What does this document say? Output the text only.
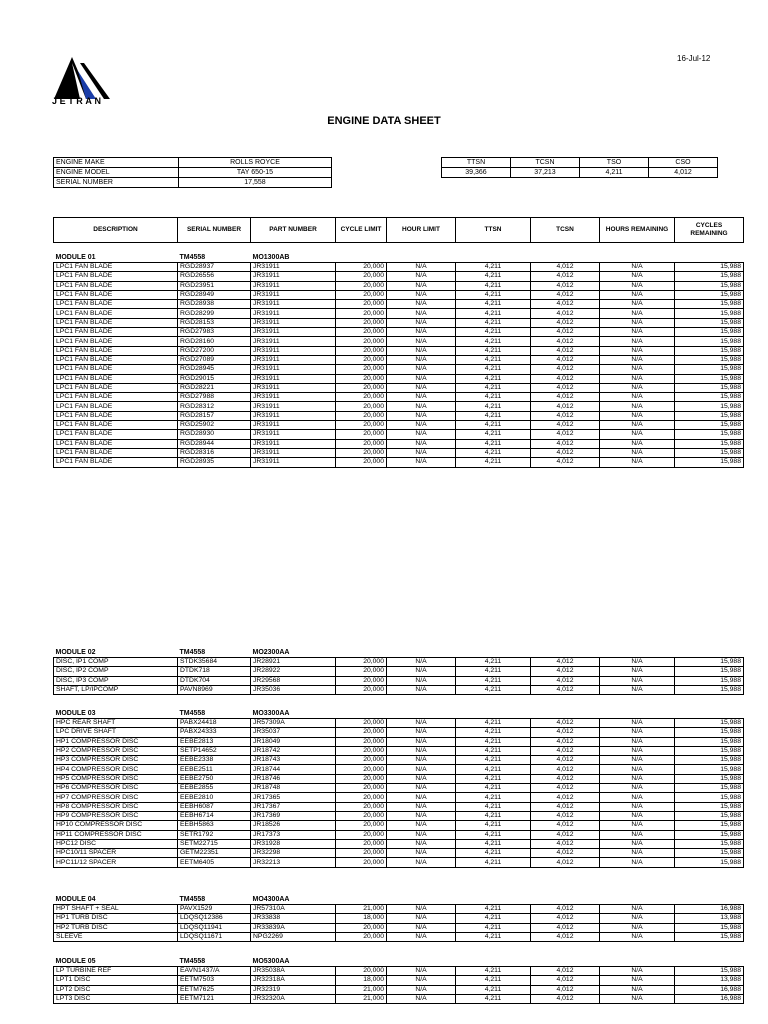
JETRAN
16-Jul-12
ENGINE DATA SHEET
ENGINE MAKE	ROLLS ROYCE
ENGINE MODEL	TAY 650-15
SERIAL NUMBER	17,558
TTSN	TCSN	TSO	CSO
39,366	37,213	4,211	4,012
DESCRIPTION	SERIAL NUMBER	PART NUMBER	CYCLE LIMIT	HOUR LIMIT	TTSN	TCSN	HOURS REMAINING	CYCLES REMAINING
MODULE 01	TM4558	MO1300AB						
LPC1 FAN BLADE	RGD28937	JR31911	20,000	N/A	4,211	4,012	N/A	15,988
LPC1 FAN BLADE	RGD26556	JR31911	20,000	N/A	4,211	4,012	N/A	15,988
LPC1 FAN BLADE	RGD23951	JR31911	20,000	N/A	4,211	4,012	N/A	15,988
LPC1 FAN BLADE	RGD28949	JR31911	20,000	N/A	4,211	4,012	N/A	15,988
LPC1 FAN BLADE	RGD28938	JR31911	20,000	N/A	4,211	4,012	N/A	15,988
LPC1 FAN BLADE	RGD28299	JR31911	20,000	N/A	4,211	4,012	N/A	15,988
LPC1 FAN BLADE	RGD28153	JR31911	20,000	N/A	4,211	4,012	N/A	15,988
LPC1 FAN BLADE	RGD27983	JR31911	20,000	N/A	4,211	4,012	N/A	15,988
LPC1 FAN BLADE	RGD28160	JR31911	20,000	N/A	4,211	4,012	N/A	15,988
LPC1 FAN BLADE	RGD27200	JR31911	20,000	N/A	4,211	4,012	N/A	15,988
LPC1 FAN BLADE	RGD27089	JR31911	20,000	N/A	4,211	4,012	N/A	15,988
LPC1 FAN BLADE	RGD28945	JR31911	20,000	N/A	4,211	4,012	N/A	15,988
LPC1 FAN BLADE	RGD29015	JR31911	20,000	N/A	4,211	4,012	N/A	15,988
LPC1 FAN BLADE	RGD28221	JR31911	20,000	N/A	4,211	4,012	N/A	15,988
LPC1 FAN BLADE	RGD27988	JR31911	20,000	N/A	4,211	4,012	N/A	15,988
LPC1 FAN BLADE	RGD28312	JR31911	20,000	N/A	4,211	4,012	N/A	15,988
LPC1 FAN BLADE	RGD28157	JR31911	20,000	N/A	4,211	4,012	N/A	15,988
LPC1 FAN BLADE	RGD25902	JR31911	20,000	N/A	4,211	4,012	N/A	15,988
LPC1 FAN BLADE	RGD28930	JR31911	20,000	N/A	4,211	4,012	N/A	15,988
LPC1 FAN BLADE	RGD28944	JR31911	20,000	N/A	4,211	4,012	N/A	15,988
LPC1 FAN BLADE	RGD28316	JR31911	20,000	N/A	4,211	4,012	N/A	15,988
LPC1 FAN BLADE	RGD28935	JR31911	20,000	N/A	4,211	4,012	N/A	15,988
MODULE 02	TM4558	MO2300AA						
DISC, IP1 COMP	STDK35684	JR28921	20,000	N/A	4,211	4,012	N/A	15,988
DISC, IP2 COMP	DTDK718	JR28922	20,000	N/A	4,211	4,012	N/A	15,988
DISC, IP3 COMP	DTDK704	JR29568	20,000	N/A	4,211	4,012	N/A	15,988
SHAFT, LP/IPCOMP	PAVN8969	JR35036	20,000	N/A	4,211	4,012	N/A	15,988
MODULE 03	TM4558	MO3300AA						
HPC REAR SHAFT	PABX24418	JR57309A	20,000	N/A	4,211	4,012	N/A	15,988
LPC DRIVE SHAFT	PABX24333	JR35037	20,000	N/A	4,211	4,012	N/A	15,988
HP1 COMPRESSOR DISC	EEBE2813	JR18049	20,000	N/A	4,211	4,012	N/A	15,988
HP2 COMPRESSOR DISC	SETP14652	JR18742	20,000	N/A	4,211	4,012	N/A	15,988
HP3 COMPRESSOR DISC	EEBE2338	JR18743	20,000	N/A	4,211	4,012	N/A	15,988
HP4 COMPRESSOR DISC	EEBE2511	JR18744	20,000	N/A	4,211	4,012	N/A	15,988
HP5 COMPRESSOR DISC	EEBE2750	JR18746	20,000	N/A	4,211	4,012	N/A	15,988
HP6 COMPRESSOR DISC	EEBE2855	JR18748	20,000	N/A	4,211	4,012	N/A	15,988
HP7 COMPRESSOR DISC	EEBE2810	JR17365	20,000	N/A	4,211	4,012	N/A	15,988
HP8 COMPRESSOR DISC	EEBH6087	JR17367	20,000	N/A	4,211	4,012	N/A	15,988
HP9 COMPRESSOR DISC	EEBH6714	JR17369	20,000	N/A	4,211	4,012	N/A	15,988
HP10 COMPRESSOR DISC	EEBH5863	JR18526	20,000	N/A	4,211	4,012	N/A	15,988
HP11 COMPRESSOR DISC	SETR1792	JR17373	20,000	N/A	4,211	4,012	N/A	15,988
HPC12 DISC	SETM22715	JR31928	20,000	N/A	4,211	4,012	N/A	15,988
HPC10/11 SPACER	GETM22351	JR32298	20,000	N/A	4,211	4,012	N/A	15,988
HPC11/12 SPACER	EETM6405	JR32213	20,000	N/A	4,211	4,012	N/A	15,988
MODULE 04	TM4558	MO4300AA						
HPT SHAFT + SEAL	PAVX1529	JR57310A	21,000	N/A	4,211	4,012	N/A	16,988
HP1 TURB DISC	LDQSQ12386	JR33838	18,000	N/A	4,211	4,012	N/A	13,988
HP2 TURB DISC	LDQSQ11941	JR33839A	20,000	N/A	4,211	4,012	N/A	15,988
SLEEVE	LDQSQ11671	NPG2269	20,000	N/A	4,211	4,012	N/A	15,988
MODULE 05	TM4558	MO5300AA						
LP TURBINE REF	EAVN1437/A	JR35038A	20,000	N/A	4,211	4,012	N/A	15,988
LPT1 DISC	EETM7503	JR32318A	18,000	N/A	4,211	4,012	N/A	13,988
LPT2 DISC	EETM7625	JR32319	21,000	N/A	4,211	4,012	N/A	16,988
LPT3 DISC	EETM7121	JR32320A	21,000	N/A	4,211	4,012	N/A	16,988
